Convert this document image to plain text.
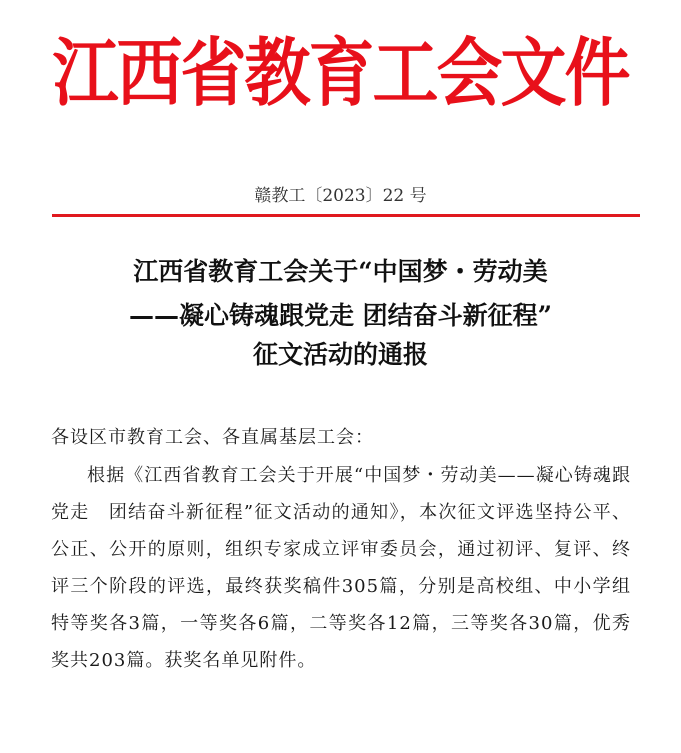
江西省教育工会文件
赣教工〔2023〕22 号
江西省教育工会关于“中国梦・劳动美
——凝心铸魂跟党走 团结奋斗新征程”
征文活动的通报
各设区市教育工会、各直属基层工会：
根据《江西省教育工会关于开展“中国梦・劳动美——凝心铸魂跟党走　团结奋斗新征程”征文活动的通知》，本次征文评选坚持公平、公正、公开的原则，组织专家成立评审委员会，通过初评、复评、终评三个阶段的评选，最终获奖稿件305篇，分别是高校组、中小学组特等奖各3篇，一等奖各6篇，二等奖各12篇，三等奖各30篇，优秀奖共203篇。获奖名单见附件。
